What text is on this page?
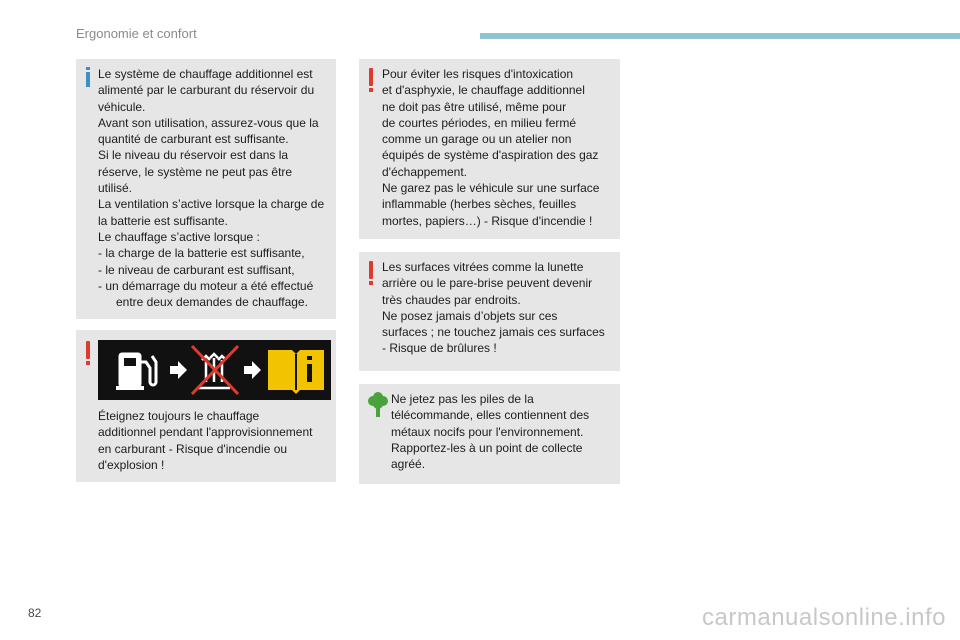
Ergonomie et confort
Le système de chauffage additionnel est
alimenté par le carburant du réservoir du
véhicule.
Avant son utilisation, assurez-vous que la
quantité de carburant est suffisante.
Si le niveau du réservoir est dans la
réserve, le système ne peut pas être
utilisé.
La ventilation s’active lorsque la charge de
la batterie est suffisante.
Le chauffage s’active lorsque :
- la charge de la batterie est suffisante,
- le niveau de carburant est suffisant,
- un démarrage du moteur a été effectué
entre deux demandes de chauffage.
Éteignez toujours le chauffage
additionnel pendant l'approvisionnement
en carburant - Risque d'incendie ou
d'explosion !
Pour éviter les risques d'intoxication
et d'asphyxie, le chauffage additionnel
ne doit pas être utilisé, même pour
de courtes périodes, en milieu fermé
comme un garage ou un atelier non
équipés de système d'aspiration des gaz
d'échappement.
Ne garez pas le véhicule sur une surface
inflammable (herbes sèches, feuilles
mortes, papiers…) - Risque d'incendie !
Les surfaces vitrées comme la lunette
arrière ou le pare-brise peuvent devenir
très chaudes par endroits.
Ne posez jamais d’objets sur ces
surfaces ; ne touchez jamais ces surfaces
- Risque de brûlures !
Ne jetez pas les piles de la
télécommande, elles contiennent des
métaux nocifs pour l'environnement.
Rapportez-les à un point de collecte
agréé.
82	carmanualsonline.info
